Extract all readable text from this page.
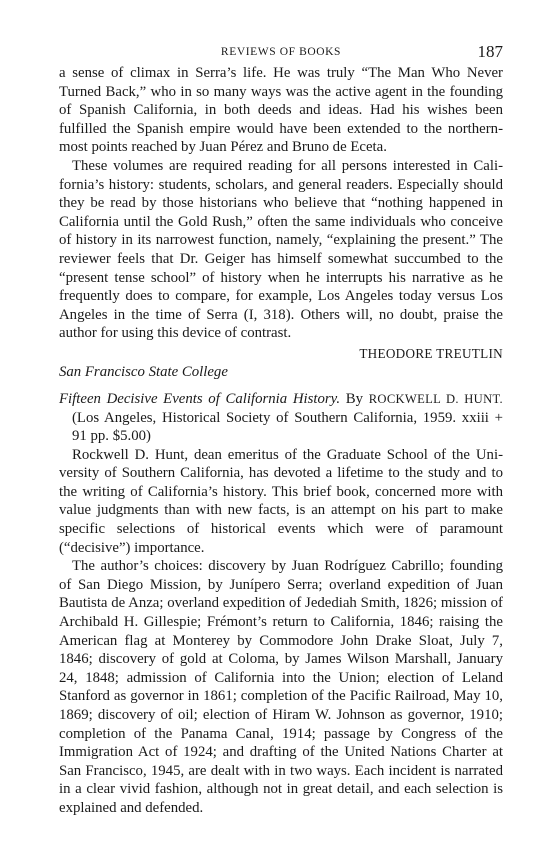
REVIEWS OF BOOKS	187

a sense of climax in Serra’s life. He was truly “The Man Who Never Turned Back,” who in so many ways was the active agent in the founding of Spanish California, in both deeds and ideas. Had his wishes been fulfilled the Spanish empire would have been extended to the northernmost points reached by Juan Pérez and Bruno de Eceta.

These volumes are required reading for all persons interested in California’s history: students, scholars, and general readers. Especially should they be read by those historians who believe that “nothing happened in California until the Gold Rush,” often the same individuals who conceive of history in its narrowest function, namely, “explaining the present.” The reviewer feels that Dr. Geiger has himself somewhat succumbed to the “present tense school” of history when he interrupts his narrative as he frequently does to compare, for example, Los Angeles today versus Los Angeles in the time of Serra (I, 318). Others will, no doubt, praise the author for using this device of contrast.

THEODORE TREUTLIN
San Francisco State College
Fifteen Decisive Events of California History. By ROCKWELL D. HUNT. (Los Angeles, Historical Society of Southern California, 1959. xxiii + 91 pp. $5.00)

Rockwell D. Hunt, dean emeritus of the Graduate School of the University of Southern California, has devoted a lifetime to the study and to the writing of California’s history. This brief book, concerned more with value judgments than with new facts, is an attempt on his part to make specific selections of historical events which were of paramount (“decisive”) importance.

The author’s choices: discovery by Juan Rodríguez Cabrillo; founding of San Diego Mission, by Junípero Serra; overland expedition of Juan Bautista de Anza; overland expedition of Jedediah Smith, 1826; mission of Archibald H. Gillespie; Frémont’s return to California, 1846; raising the American flag at Monterey by Commodore John Drake Sloat, July 7, 1846; discovery of gold at Coloma, by James Wilson Marshall, January 24, 1848; admission of California into the Union; election of Leland Stanford as governor in 1861; completion of the Pacific Railroad, May 10, 1869; discovery of oil; election of Hiram W. Johnson as governor, 1910; completion of the Panama Canal, 1914; passage by Congress of the Immigration Act of 1924; and drafting of the United Nations Charter at San Francisco, 1945, are dealt with in two ways. Each incident is narrated in a clear vivid fashion, although not in great detail, and each selection is explained and defended.
